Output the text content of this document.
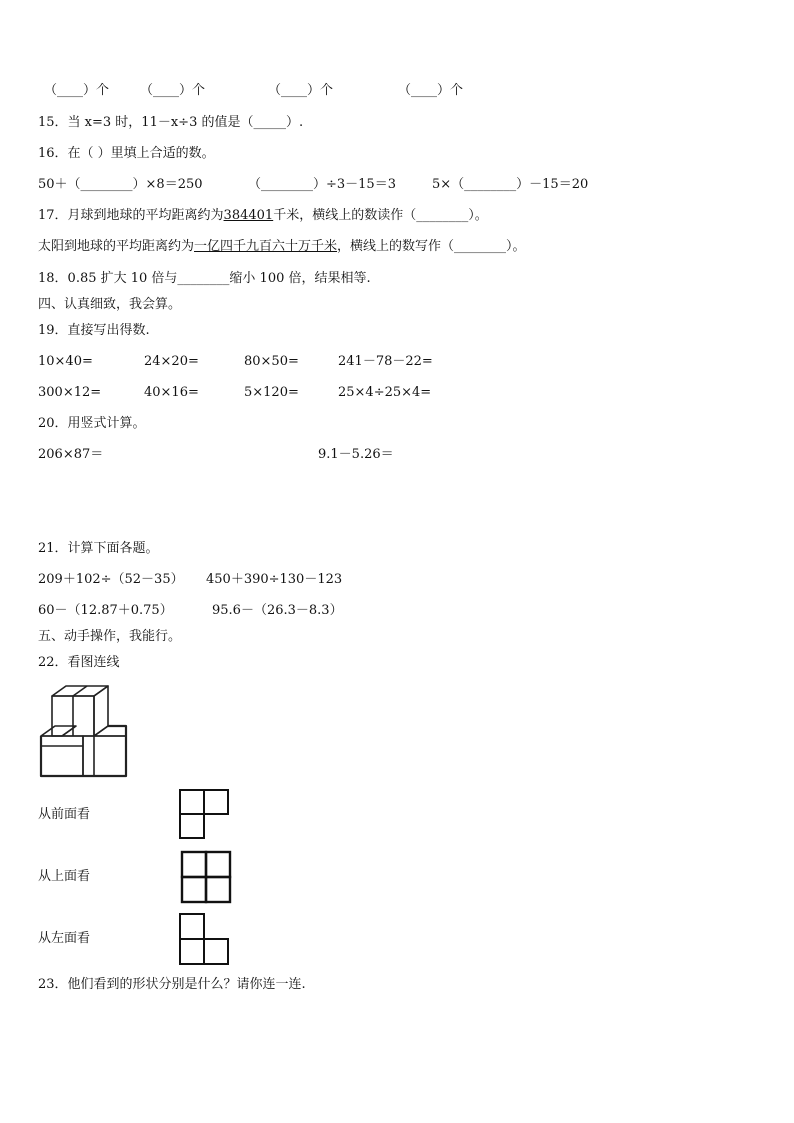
（____）个 （____）个	（____）个	（____）个
15．当 x=3 时，11－x÷3 的值是（_____）.
16．在（ ）里填上合适的数。
50＋（________）×8＝250	（________）÷3－15＝3	5×（________）－15＝20
17．月球到地球的平均距离约为384401千米，横线上的数读作（________）。
太阳到地球的平均距离约为一亿四千九百六十万千米，横线上的数写作（________）。
18．0.85 扩大 10 倍与________缩小 100 倍，结果相等.
四、认真细致，我会算。
19．直接写出得数.
10×40=	24×20=	80×50=	241－78－22=
300×12=	40×16=	5×120=	25×4÷25×4=
20．用竖式计算。
206×87＝	9.1－5.26＝
21．计算下面各题。
209＋102÷（52－35） 450＋390÷130－123
60－（12.87＋0.75）	95.6－（26.3－8.3）
五、动手操作，我能行。
22．看图连线
从前面看
从上面看
从左面看
23．他们看到的形状分别是什么？请你连一连.
